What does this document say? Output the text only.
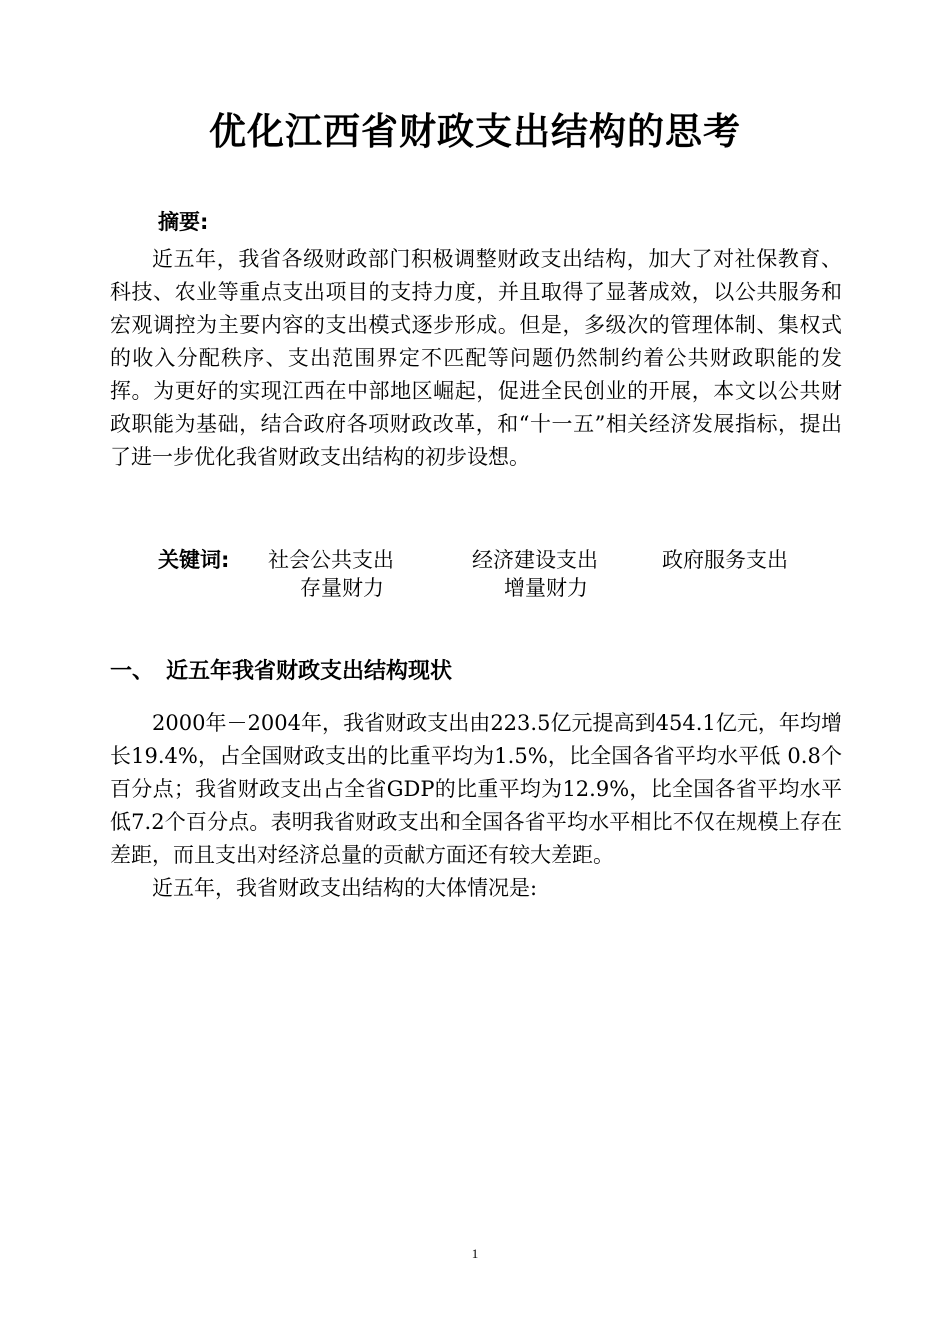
优化江西省财政支出结构的思考
摘要:

近五年，我省各级财政部门积极调整财政支出结构，加大了对社保教育、科技、农业等重点支出项目的支持力度，并且取得了显著成效，以公共服务和宏观调控为主要内容的支出模式逐步形成。但是，多级次的管理体制、集权式的收入分配秩序、支出范围界定不匹配等问题仍然制约着公共财政职能的发挥。为更好的实现江西在中部地区崛起，促进全民创业的开展，本文以公共财政职能为基础，结合政府各项财政改革，和“十一五”相关经济发展指标，提出了进一步优化我省财政支出结构的初步设想。

关键词: 社会公共支出	经济建设支出	政府服务支出
存量财力	增量财力
一、 近五年我省财政支出结构现状

2000年－2004年，我省财政支出由223.5亿元提高到454.1亿元，年均增长19.4%，占全国财政支出的比重平均为1.5%，比全国各省平均水平低 0.8个百分点；我省财政支出占全省GDP的比重平均为12.9%，比全国各省平均水平低7.2个百分点。表明我省财政支出和全国各省平均水平相比不仅在规模上存在差距，而且支出对经济总量的贡献方面还有较大差距。

近五年，我省财政支出结构的大体情况是:

1
